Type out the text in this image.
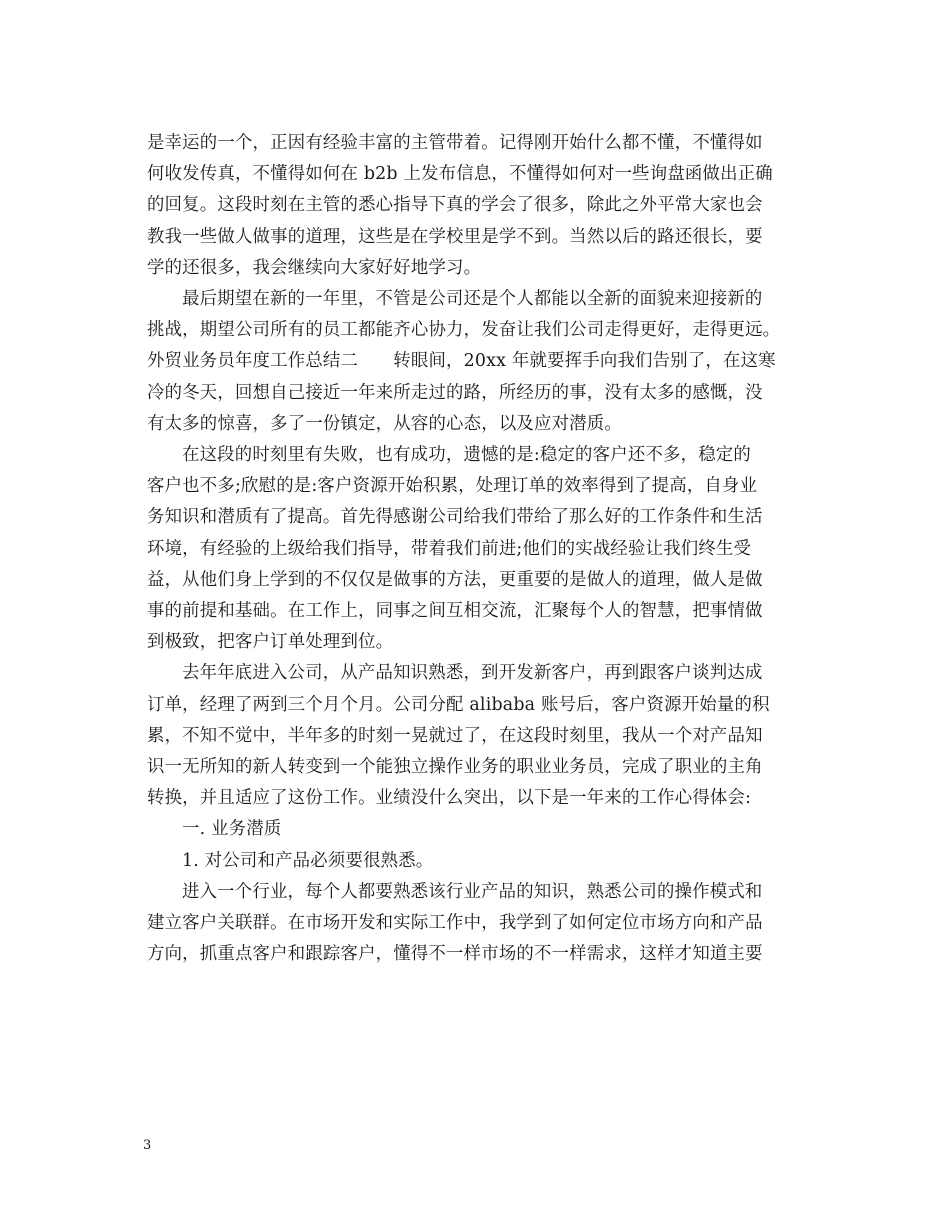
是幸运的一个，正因有经验丰富的主管带着。记得刚开始什么都不懂，不懂得如

何收发传真，不懂得如何在 b2b 上发布信息，不懂得如何对一些询盘函做出正确

的回复。这段时刻在主管的悉心指导下真的学会了很多，除此之外平常大家也会

教我一些做人做事的道理，这些是在学校里是学不到。当然以后的路还很长，要

学的还很多，我会继续向大家好好地学习。

最后期望在新的一年里，不管是公司还是个人都能以全新的面貌来迎接新的

挑战，期望公司所有的员工都能齐心协力，发奋让我们公司走得更好，走得更远。

外贸业务员年度工作总结二　　转眼间，20xx 年就要挥手向我们告别了，在这寒

冷的冬天，回想自己接近一年来所走过的路，所经历的事，没有太多的感慨，没

有太多的惊喜，多了一份镇定，从容的心态，以及应对潜质。

在这段的时刻里有失败，也有成功，遗憾的是:稳定的客户还不多，稳定的

客户也不多;欣慰的是:客户资源开始积累，处理订单的效率得到了提高，自身业

务知识和潜质有了提高。首先得感谢公司给我们带给了那么好的工作条件和生活

环境，有经验的上级给我们指导，带着我们前进;他们的实战经验让我们终生受

益，从他们身上学到的不仅仅是做事的方法，更重要的是做人的道理，做人是做

事的前提和基础。在工作上，同事之间互相交流，汇聚每个人的智慧，把事情做

到极致，把客户订单处理到位。

去年年底进入公司，从产品知识熟悉，到开发新客户，再到跟客户谈判达成

订单，经理了两到三个月个月。公司分配 alibaba 账号后，客户资源开始量的积

累，不知不觉中，半年多的时刻一晃就过了，在这段时刻里，我从一个对产品知

识一无所知的新人转变到一个能独立操作业务的职业业务员，完成了职业的主角

转换，并且适应了这份工作。业绩没什么突出，以下是一年来的工作心得体会:

一. 业务潜质

1. 对公司和产品必须要很熟悉。

进入一个行业，每个人都要熟悉该行业产品的知识，熟悉公司的操作模式和

建立客户关联群。在市场开发和实际工作中，我学到了如何定位市场方向和产品

方向，抓重点客户和跟踪客户，懂得不一样市场的不一样需求，这样才知道主要

3
